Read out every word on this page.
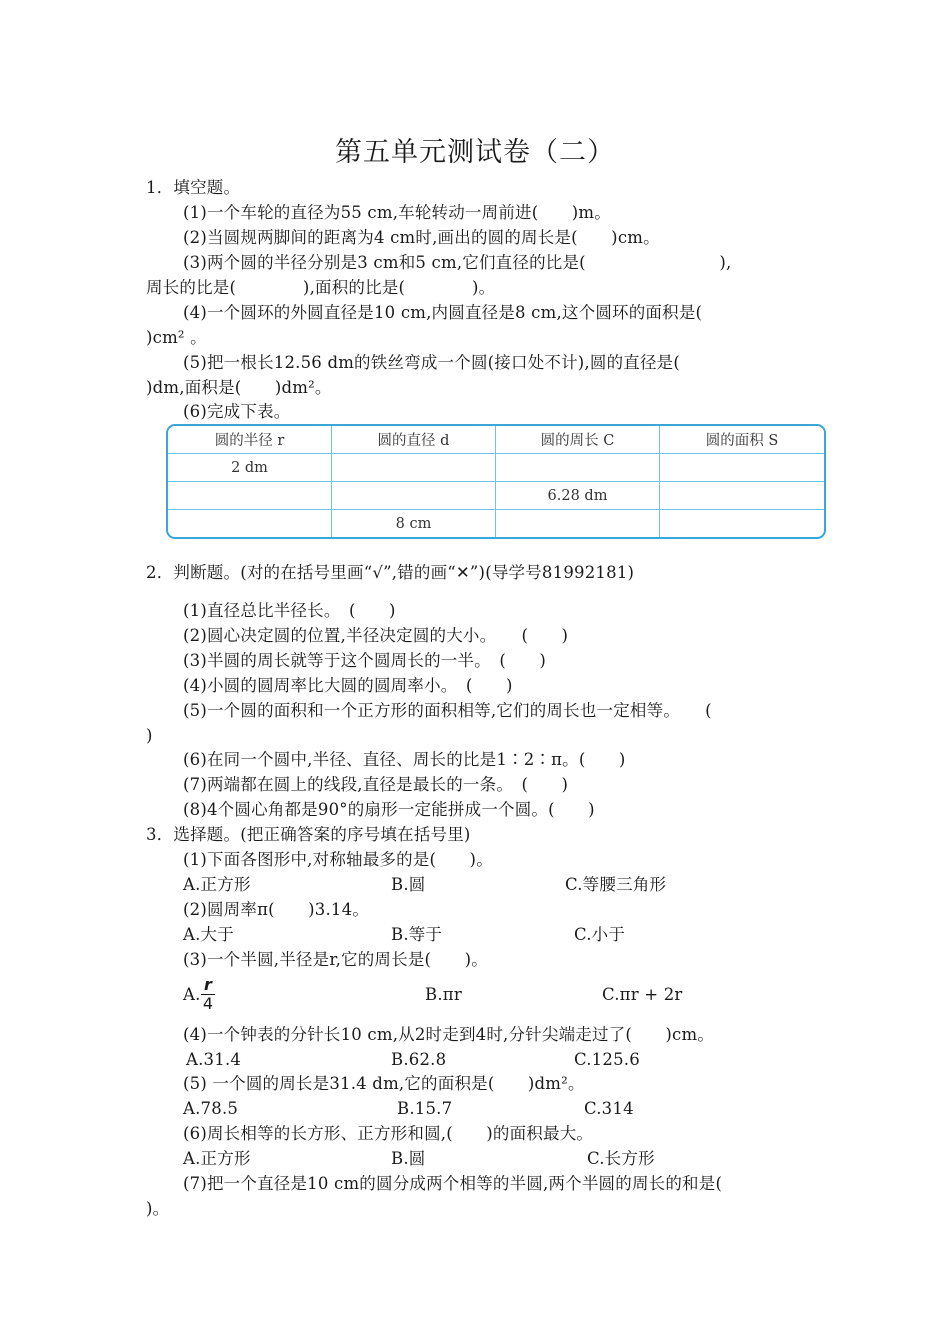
第五单元测试卷（二）
1．填空题。
(1)一个车轮的直径为55 cm,车轮转动一周前进(　　)m。
(2)当圆规两脚间的距离为4 cm时,画出的圆的周长是(　　)cm。
(3)两个圆的半径分别是3 cm和5 cm,它们直径的比是(　　　　　　　　),
周长的比是(　　　　),面积的比是(　　　　)。
(4)一个圆环的外圆直径是10 cm,内圆直径是8 cm,这个圆环的面积是(
)cm² 。
(5)把一根长12.56 dm的铁丝弯成一个圆(接口处不计),圆的直径是(
)dm,面积是(　　)dm²。
(6)完成下表。
圆的半径 r	圆的直径 d	圆的周长 C	圆的面积 S
2 dm			
		6.28 dm	
	8 cm		
2．判断题。(对的在括号里画“√”,错的画“✕”)(导学号81992181)
(1)直径总比半径长。　(　　)
(2)圆心决定圆的位置,半径决定圆的大小。　　(　　)
(3)半圆的周长就等于这个圆周长的一半。　(　　)
(4)小圆的圆周率比大圆的圆周率小。　(　　)
(5)一个圆的面积和一个正方形的面积相等,它们的周长也一定相等。　　(
)
(6)在同一个圆中,半径、直径、周长的比是1∶2∶π。(　　)
(7)两端都在圆上的线段,直径是最长的一条。　(　　)
(8)4个圆心角都是90°的扇形一定能拼成一个圆。(　　)
3．选择题。(把正确答案的序号填在括号里)
(1)下面各图形中,对称轴最多的是(　　)。
A.正方形	B.圆	C.等腰三角形
(2)圆周率π(　　)3.14。
A.大于	B.等于	C.小于
(3)一个半圆,半径是r,它的周长是(　　)。
A. $\frac{r}{4}$	B.πr	C.πr + 2r
(4)一个钟表的分针长10 cm,从2时走到4时,分针尖端走过了(　　)cm。
A.31.4	B.62.8	C.125.6
(5) 一个圆的周长是31.4 dm,它的面积是(　　)dm²。
A.78.5	B.15.7	C.314
(6)周长相等的长方形、正方形和圆,(　　)的面积最大。
A.正方形	B.圆	C.长方形
(7)把一个直径是10 cm的圆分成两个相等的半圆,两个半圆的周长的和是(
)。
